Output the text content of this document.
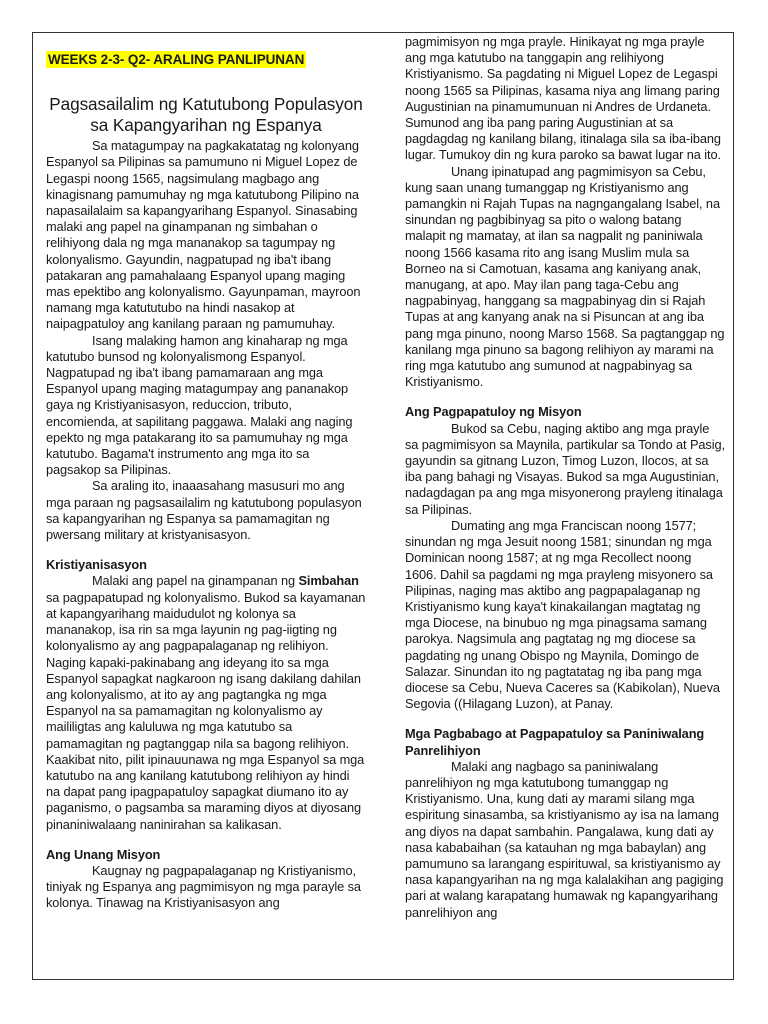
WEEKS 2-3- Q2- ARALING PANLIPUNAN
Pagsasailalim ng Katutubong Populasyon sa Kapangyarihan ng Espanya

Sa matagumpay na pagkakatatag ng kolonyang Espanyol sa Pilipinas sa pamumuno ni Miguel Lopez de Legaspi noong 1565, nagsimulang magbago ang kinagisnang pamumuhay ng mga katutubong Pilipino na napasailalaim sa kapangyarihang Espanyol. Sinasabing malaki ang papel na ginampanan ng simbahan o relihiyong dala ng mga mananakop sa tagumpay ng kolonyalismo. Gayundin, nagpatupad ng iba't ibang patakaran ang pamahalaang Espanyol upang maging mas epektibo ang kolonyalismo. Gayunpaman, mayroon namang mga katututubo na hindi nasakop at naipagpatuloy ang kanilang paraan ng pamumuhay.

Isang malaking hamon ang kinaharap ng mga katutubo bunsod ng kolonyalismong Espanyol. Nagpatupad ng iba't ibang pamamaraan ang mga Espanyol upang maging matagumpay ang pananakop gaya ng Kristiyanisasyon, reduccion, tributo, encomienda, at sapilitang paggawa. Malaki ang naging epekto ng mga patakarang ito sa pamumuhay ng mga katutubo. Bagama't instrumento ang mga ito sa pagsakop sa Pilipinas.

Sa araling ito, inaaasahang masusuri mo ang mga paraan ng pagsasailalim ng katutubong populasyon sa kapangyarihan ng Espanya sa pamamagitan ng pwersang military at kristyanisasyon.

Kristiyanisasyon

Malaki ang papel na ginampanan ng Simbahan sa pagpapatupad ng kolonyalismo. Bukod sa kayamanan at kapangyarihang maidudulot ng kolonya sa mananakop, isa rin sa mga layunin ng pag-iigting ng kolonyalismo ay ang pagpapalaganap ng relihiyon. Naging kapaki-pakinabang ang ideyang ito sa mga Espanyol sapagkat nagkaroon ng isang dakilang dahilan ang kolonyalismo, at ito ay ang pagtangka ng mga Espanyol na sa pamamagitan ng kolonyalismo ay maililigtas ang kaluluwa ng mga katutubo sa pamamagitan ng pagtanggap nila sa bagong relihiyon. Kaakibat nito, pilit ipinauunawa ng mga Espanyol sa mga katutubo na ang kanilang katutubong relihiyon ay hindi na dapat pang ipagpapatuloy sapagkat diumano ito ay paganismo, o pagsamba sa maraming diyos at diyosang pinaniniwalaang naninirahan sa kalikasan.

Ang Unang Misyon

Kaugnay ng pagpapalaganap ng Kristiyanismo, tiniyak ng Espanya ang pagmimisyon ng mga parayle sa kolonya. Tinawag na Kristiyanisasyon ang

pagmimisyon ng mga prayle. Hinikayat ng mga prayle ang mga katutubo na tanggapin ang relihiyong Kristiyanismo. Sa pagdating ni Miguel Lopez de Legaspi noong 1565 sa Pilipinas, kasama niya ang limang paring Augustinian na pinamumunuan ni Andres de Urdaneta. Sumunod ang iba pang paring Augustinian at sa pagdagdag ng kanilang bilang, itinalaga sila sa iba-ibang lugar. Tumukoy din ng kura paroko sa bawat lugar na ito.

Unang ipinatupad ang pagmimisyon sa Cebu, kung saan unang tumanggap ng Kristiyanismo ang pamangkin ni Rajah Tupas na nagngangalang Isabel, na sinundan ng pagbibinyag sa pito o walong batang malapit ng mamatay, at ilan sa nagpalit ng paniniwala noong 1566 kasama rito ang isang Muslim mula sa Borneo na si Camotuan, kasama ang kaniyang anak, manugang, at apo. May ilan pang taga-Cebu ang nagpabinyag, hanggang sa magpabinyag din si Rajah Tupas at ang kanyang anak na si Pisuncan at ang iba pang mga pinuno, noong Marso 1568. Sa pagtanggap ng kanilang mga pinuno sa bagong relihiyon ay marami na ring mga katutubo ang sumunod at nagpabinyag sa Kristiyanismo.

Ang Pagpapatuloy ng Misyon

Bukod sa Cebu, naging aktibo ang mga prayle sa pagmimisyon sa Maynila, partikular sa Tondo at Pasig, gayundin sa gitnang Luzon, Timog Luzon, Ilocos, at sa iba pang bahagi ng Visayas. Bukod sa mga Augustinian, nadagdagan pa ang mga misyonerong prayleng itinalaga sa Pilipinas.

Dumating ang mga Franciscan noong 1577; sinundan ng mga Jesuit noong 1581; sinundan ng mga Dominican noong 1587; at ng mga Recollect noong 1606. Dahil sa pagdami ng mga prayleng misyonero sa Pilipinas, naging mas aktibo ang pagpapalaganap ng Kristiyanismo kung kaya't kinakailangan magtatag ng mga Diocese, na binubuo ng mga pinagsama samang parokya. Nagsimula ang pagtatag ng mg diocese sa pagdating ng unang Obispo ng Maynila, Domingo de Salazar. Sinundan ito ng pagtatatag ng iba pang mga diocese sa Cebu, Nueva Caceres sa (Kabikolan), Nueva Segovia ((Hilagang Luzon), at Panay.

Mga Pagbabago at Pagpapatuloy sa Paniniwalang Panrelihiyon

Malaki ang nagbago sa paniniwalang panrelihiyon ng mga katutubong tumanggap ng Kristiyanismo. Una, kung dati ay marami silang mga espiritung sinasamba, sa kristiyanismo ay isa na lamang ang diyos na dapat sambahin. Pangalawa, kung dati ay nasa kababaihan (sa katauhan ng mga babaylan) ang pamumuno sa larangang espirituwal, sa kristiyanismo ay nasa kapangyarihan na ng mga kalalakihan ang pagiging pari at walang karapatang humawak ng kapangyarihang panrelihiyon ang
